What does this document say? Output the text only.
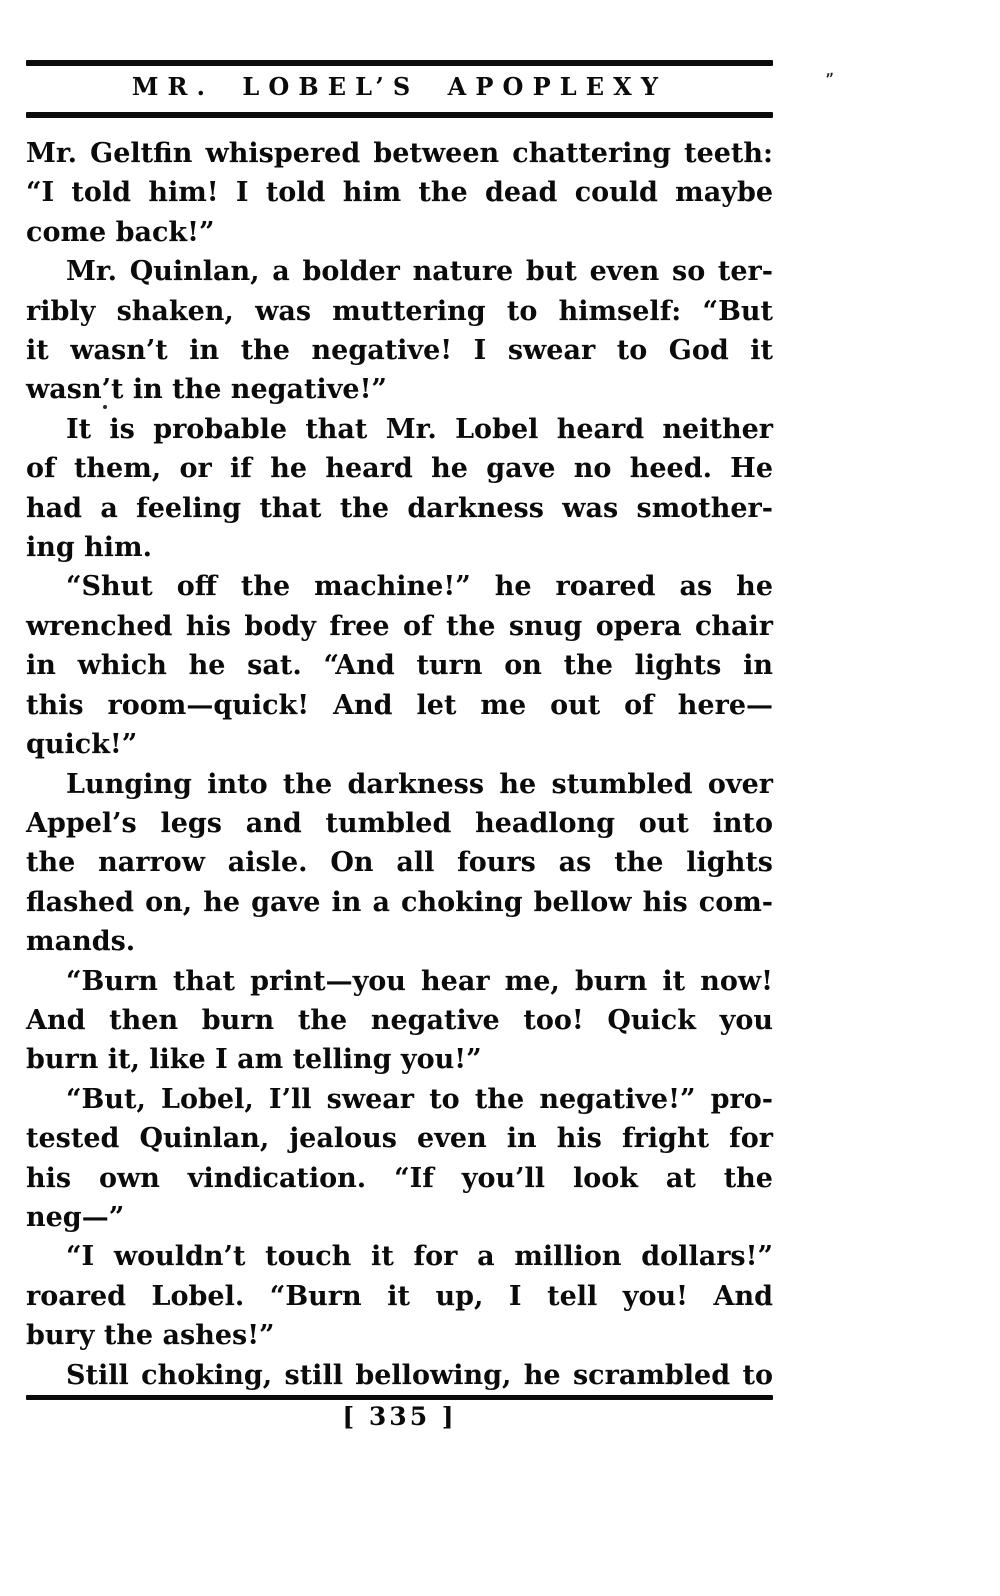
MR. LOBEL’S APOPLEXY
Mr. Geltfin whispered between chattering teeth:
“I told him! I told him the dead could maybe
come back!”
Mr. Quinlan, a bolder nature but even so ter-
ribly shaken, was muttering to himself: “But
it wasn’t in the negative! I swear to God it
wasn’t in the negative!”
It is probable that Mr. Lobel heard neither
of them, or if he heard he gave no heed. He
had a feeling that the darkness was smother-
ing him.
“Shut off the machine!” he roared as he
wrenched his body free of the snug opera chair
in which he sat. “And turn on the lights in
this room—quick! And let me out of here—
quick!”
Lunging into the darkness he stumbled over
Appel’s legs and tumbled headlong out into
the narrow aisle. On all fours as the lights
flashed on, he gave in a choking bellow his com-
mands.
“Burn that print—you hear me, burn it now!
And then burn the negative too! Quick you
burn it, like I am telling you!”
“But, Lobel, I’ll swear to the negative!” pro-
tested Quinlan, jealous even in his fright for
his own vindication. “If you’ll look at the
neg—”
“I wouldn’t touch it for a million dollars!”
roared Lobel. “Burn it up, I tell you! And
bury the ashes!”
Still choking, still bellowing, he scrambled to
[ 335 ]
”
